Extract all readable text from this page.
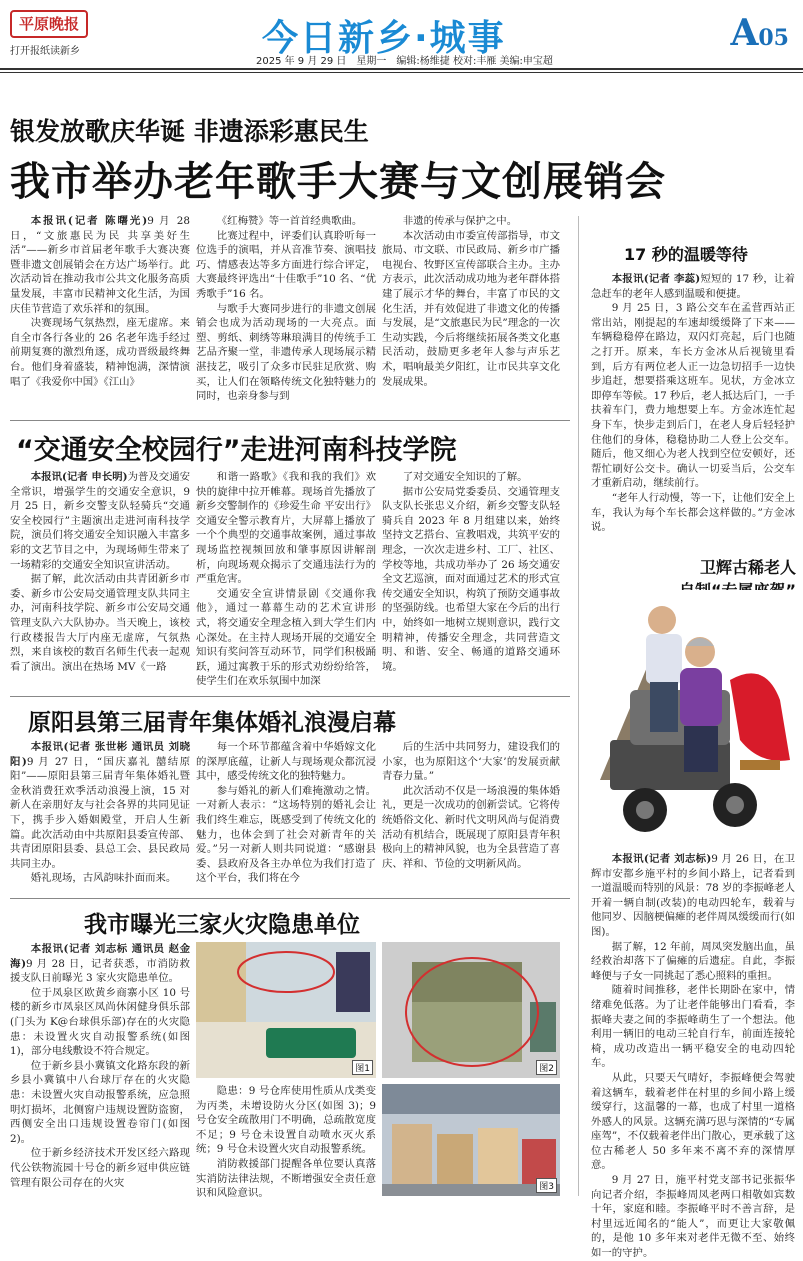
平原晚报
打开报纸读新乡	今日新乡·城事	A05
2025 年 9 月 29 日　星期一　编辑:杨维捷 校对:丰雁 美编:申宝超
银发放歌庆华诞 非遗添彩惠民生
我市举办老年歌手大赛与文创展销会

本报讯(记者 陈曙光)9 月 28 日，“文旅惠民为民 共享美好生活”——新乡市首届老年歌手大赛决赛暨非遗文创展销会在方达广场举行。此次活动旨在推动我市公共文化服务高质量发展，丰富市民精神文化生活，为国庆佳节营造了欢乐祥和的氛围。

决赛现场气氛热烈，座无虚席。来自全市各行各业的 26 名老年选手经过前期复赛的激烈角逐，成功晋级最终舞台。他们身着盛装，精神饱满，深情演唱了《我爱你中国》《江山》

《红梅赞》等一首首经典歌曲。

比赛过程中，评委们认真聆听每一位选手的演唱，并从音准节奏、演唱技巧、情感表达等多方面进行综合评定，大赛最终评选出“十佳歌手”10 名、“优秀歌手”16 名。

与歌手大赛同步进行的非遗文创展销会也成为活动现场的一大亮点。面塑、剪纸、刺绣等琳琅满目的传统手工艺品齐聚一堂，非遗传承人现场展示精湛技艺，吸引了众多市民驻足欣赏、购买，让人们在领略传统文化独特魅力的同时，也亲身参与到

非遗的传承与保护之中。

本次活动由市委宣传部指导，市文旅局、市文联、市民政局、新乡市广播电视台、牧野区宣传部联合主办。主办方表示，此次活动成功地为老年群体搭建了展示才华的舞台，丰富了市民的文化生活，并有效促进了非遗文化的传播与发展，是“文旅惠民为民”理念的一次生动实践，今后将继续拓展各类文化惠民活动，鼓励更多老年人参与声乐艺术，唱响最美夕阳红，让市民共享文化发展成果。

17 秒的温暖等待

本报讯(记者 李蕊)短短的 17 秒，让着急赶车的老年人感到温暖和便捷。

9 月 25 日，3 路公交车在孟营西站正常出站，刚提起的车速却缓缓降了下来——车辆稳稳停在路边，双闪灯亮起，后门也随之打开。原来，车长方金冰从后视镜里看到，后方有两位老人正一边急切招手一边快步追赶，想要搭乘这班车。见状，方金冰立即停车等候。17 秒后，老人抵达后门，一手扶着车门，费力地想要上车。方金冰连忙起身下车，快步走到后门，在老人身后轻轻护住他们的身体，稳稳协助二人登上公交车。随后，他又细心为老人找到空位安顿好，还帮忙刷好公交卡。确认一切妥当后，公交车才重新启动，继续前行。

“老年人行动慢，等一下，让他们安全上车，我认为每个车长都会这样做的。”方金冰说。

“交通安全校园行”走进河南科技学院

本报讯(记者 申长明)为普及交通安全常识，增强学生的交通安全意识，9 月 25 日，新乡交警支队轻骑兵“交通安全校园行”主题演出走进河南科技学院，演员们将交通安全知识融入丰富多彩的文艺节目之中，为现场师生带来了一场精彩的交通安全知识宣讲活动。

据了解，此次活动由共青团新乡市委、新乡市公安局交通管理支队共同主办，河南科技学院、新乡市公安局交通管理支队六大队协办。当天晚上，该校行政楼报告大厅内座无虚席，气氛热烈，来自该校的数百名师生代表一起观看了演出。演出在热场 MV《一路

和谐一路歌》《我和我的我们》欢快的旋律中拉开帷幕。现场首先播放了新乡交警制作的《珍爱生命 平安出行》交通安全警示教育片，大屏幕上播放了一个个典型的交通事故案例，通过事故现场监控视频回放和肇事原因讲解剖析，向现场观众揭示了交通违法行为的严重危害。

交通安全宣讲情景剧《交通你我他》，通过一幕幕生动的艺术宣讲形式，将交通安全理念植入到大学生们内心深处。在主持人现场开展的交通安全知识有奖问答互动环节，同学们积极踊跃，通过寓教于乐的形式劝纷纷给答，使学生们在欢乐氛围中加深

了对交通安全知识的了解。

据市公安局党委委员、交通管理支队支队长张忠义介绍，新乡交警支队轻骑兵自 2023 年 8 月组建以来，始终坚持文艺搭台、宣教唱戏，共筑平安的理念，一次次走进乡村、工厂、社区、学校等地，共成功举办了 26 场交通安全文艺巡演，面对面通过艺术的形式宣传交通安全知识，构筑了预防交通事故的坚强防线。也希望大家在今后的出行中，始终如一地树立规则意识，践行文明精神，传播安全理念，共同营造文明、和谐、安全、畅通的道路交通环境。

卫辉古稀老人

本报讯(记者 刘志标)9 月 26 日，在卫辉市安都乡施平村的乡间小路上，记者看到一道温暖而特别的风景：78 岁的李振峰老人开着一辆自制(改装)的电动四轮车，载着与他同岁、因脑梗偏瘫的老伴周凤缓缓而行(如图)。

据了解，12 年前，周凤突发脑出血，虽经救治却落下了偏瘫的后遗症。自此，李振峰便与子女一同挑起了悉心照料的重担。

随着时间推移，老伴长期卧在家中，情绪难免低落。为了让老伴能够出门看看，李振峰夫妻之间的李振峰萌生了一个想法。他利用一辆旧的电动三轮自行车，前面连接轮椅，成功改造出一辆平稳安全的电动四轮车。

从此，只要天气晴好，李振峰便会驾驶着这辆车，载着老伴在村里的乡间小路上缓缓穿行，这温馨的一幕，也成了村里一道格外感人的风景。这辆充满巧思与深情的“专属座驾”，不仅载着老伴出门散心，更承载了这位古稀老人 50 多年来不离不弃的深情厚意。

9 月 27 日，施平村党支部书记张振华向记者介绍，李振峰周凤老两口相敬如宾数十年，家庭和睦。李振峰平时不善言辞，是村里远近闻名的“能人”，而更让大家敬佩的，是他 10 多年来对老伴无微不至、始终如一的守护。

原阳县第三届青年集体婚礼浪漫启幕

本报讯(记者 张世彬 通讯员 刘晓阳)9 月 27 日，“国庆嘉礼 囍结原阳”——原阳县第三届青年集体婚礼暨金秋消费狂欢季活动浪漫上演，15 对新人在亲朋好友与社会各界的共同见证下，携手步入婚姻殿堂，开启人生新篇。此次活动由中共原阳县委宣传部、共青团原阳县委、县总工会、县民政局共同主办。

婚礼现场，古风韵味扑面而来。

每一个环节都蕴含着中华婚嫁文化的深厚底蕴，让新人与现场观众都沉浸其中，感受传统文化的独特魅力。

参与婚礼的新人们难掩激动之情。一对新人表示：“这场特别的婚礼会让我们终生难忘，既感受到了传统文化的魅力，也体会到了社会对新青年的关爱。”另一对新人则共同说道：“感谢县委、县政府及各主办单位为我们打造了这个平台，我们将在今

后的生活中共同努力，建设我们的小家，也为原阳这个‘大家’的发展贡献青春力量。”

此次活动不仅是一场浪漫的集体婚礼，更是一次成功的创新尝试。它将传统婚俗文化、新时代文明风尚与促消费活动有机结合，既展现了原阳县青年积极向上的精神风貌，也为全县营造了喜庆、祥和、节俭的文明新风尚。

我市曝光三家火灾隐患单位

本报讯(记者 刘志标 通讯员 赵金海)9 月 28 日，记者获悉，市消防救援支队日前曝光 3 家火灾隐患单位。

位于凤泉区欧黄乡商寨小区 10 号楼的新乡市凤泉区凤尚休闲健身俱乐部(门头为 K@台球俱乐部)存在的火灾隐患：未设置火灾自动报警系统(如图1)，部分电线敷设不符合规定。

位于新乡县小冀镇文化路东段的新乡县小冀镇中八台球厅存在的火灾隐患：未设置火灾自动报警系统，应急照明灯损坏，北侧窗户违规设置防盗窗，西侧安全出口违规设置卷帘门(如图2)。

位于新乡经济技术开发区经六路现代公铁物流园十号仓的新乡冠申供应链管理有限公司存在的火灾

图1	图2

隐患：9 号仓库使用性质从戊类变为丙类，未增设防火分区(如图 3)；9 号仓安全疏散用门不明确，总疏散宽度不足；9 号仓未设置自动喷水灭火系统；9 号仓未设置火灾自动报警系统。

消防救援部门提醒各单位要认真落实消防法律法规，不断增强安全责任意识和风险意识。

图3
